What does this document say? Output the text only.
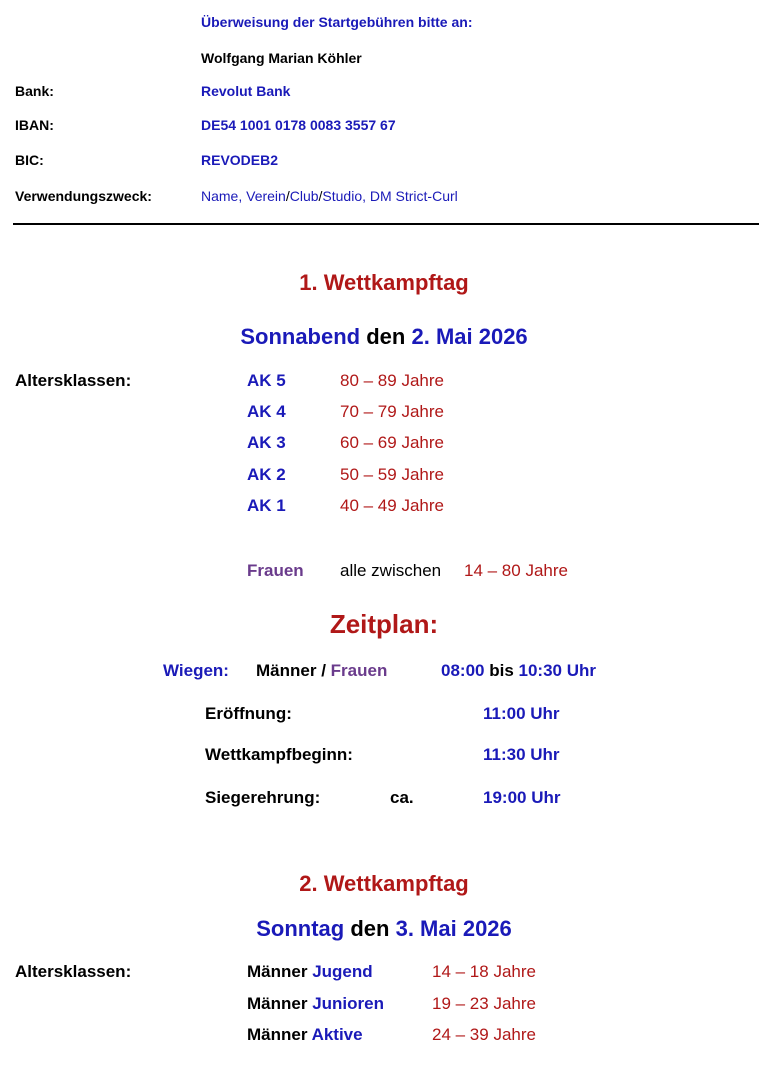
Überweisung der Startgebühren bitte an:
Wolfgang Marian Köhler
Bank:	Revolut Bank
IBAN:	DE54 1001 0178 0083 3557 67
BIC:	REVODEB2
Verwendungszweck:	Name, Verein/Club/Studio, DM Strict-Curl
1. Wettkampftag
Sonnabend den 2. Mai 2026
Altersklassen:	AK 5	80 – 89 Jahre
AK 4	70 – 79 Jahre
AK 3	60 – 69 Jahre
AK 2	50 – 59 Jahre
AK 1	40 – 49 Jahre
Frauen alle zwischen 14 – 80 Jahre
Zeitplan:
Wiegen: Männer / Frauen	08:00 bis 10:30 Uhr
Eröffnung:	11:00 Uhr
Wettkampfbeginn:	11:30 Uhr
Siegerehrung:	ca.	19:00 Uhr
2. Wettkampftag
Sonntag den 3. Mai 2026
Altersklassen:	Männer Jugend	14 – 18 Jahre
Männer Junioren	19 – 23 Jahre
Männer Aktive	24 – 39 Jahre
